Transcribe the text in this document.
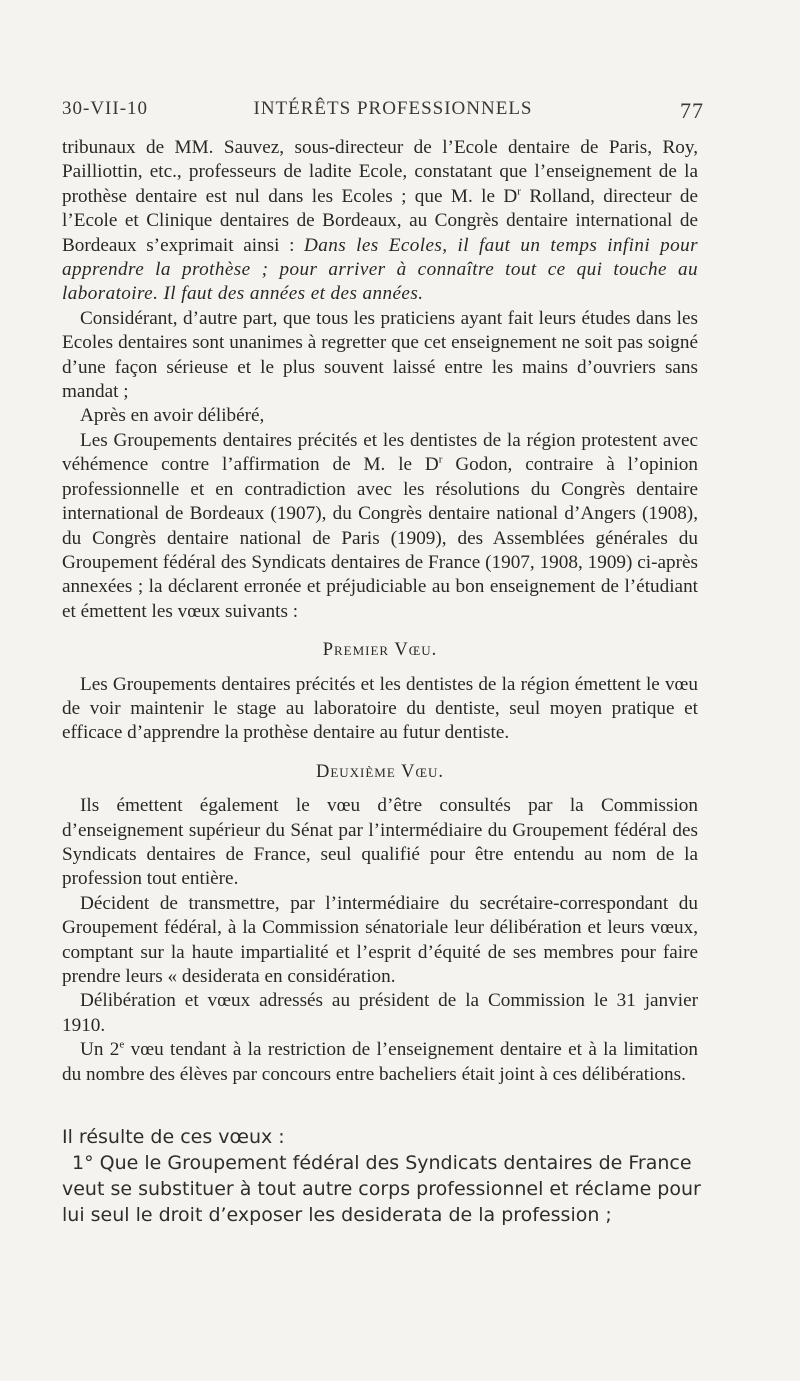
30-VII-10	INTÉRÊTS PROFESSIONNELS	77

tribunaux de MM. Sauvez, sous-directeur de l’Ecole dentaire de Paris, Roy, Pailliottin, etc., professeurs de ladite Ecole, constatant que l’enseignement de la prothèse dentaire est nul dans les Ecoles ; que M. le $D^r$ Rolland, directeur de l’Ecole et Clinique dentaires de Bordeaux, au Congrès dentaire international de Bordeaux s’exprimait ainsi : Dans les Ecoles, il faut un temps infini pour apprendre la prothèse ; pour arriver à connaître tout ce qui touche au laboratoire. Il faut des années et des années.

Considérant, d’autre part, que tous les praticiens ayant fait leurs études dans les Ecoles dentaires sont unanimes à regretter que cet enseignement ne soit pas soigné d’une façon sérieuse et le plus souvent laissé entre les mains d’ouvriers sans mandat ;

Après en avoir délibéré,

Les Groupements dentaires précités et les dentistes de la région protestent avec véhémence contre l’affirmation de M. le $D^r$ Godon, contraire à l’opinion professionnelle et en contradiction avec les résolutions du Congrès dentaire international de Bordeaux (1907), du Congrès dentaire national d’Angers (1908), du Congrès dentaire national de Paris (1909), des Assemblées générales du Groupement fédéral des Syndicats dentaires de France (1907, 1908, 1909) ci-après annexées ; la déclarent erronée et préjudiciable au bon enseignement de l’étudiant et émettent les vœux suivants :

Premier Vœu.

Les Groupements dentaires précités et les dentistes de la région émettent le vœu de voir maintenir le stage au laboratoire du dentiste, seul moyen pratique et efficace d’apprendre la prothèse dentaire au futur dentiste.

Deuxième Vœu.

Ils émettent également le vœu d’être consultés par la Commission d’enseignement supérieur du Sénat par l’intermédiaire du Groupement fédéral des Syndicats dentaires de France, seul qualifié pour être entendu au nom de la profession tout entière.

Décident de transmettre, par l’intermédiaire du secrétaire-correspondant du Groupement fédéral, à la Commission sénatoriale leur délibération et leurs vœux, comptant sur la haute impartialité et l’esprit d’équité de ses membres pour faire prendre leurs « desiderata en considération.

Délibération et vœux adressés au président de la Commission le 31 janvier 1910.

Un 2e vœu tendant à la restriction de l’enseignement dentaire et à la limitation du nombre des élèves par concours entre bacheliers était joint à ces délibérations.

Il résulte de ces vœux :

1° Que le Groupement fédéral des Syndicats dentaires de France veut se substituer à tout autre corps professionnel et réclame pour lui seul le droit d’exposer les desiderata de la profession ;
